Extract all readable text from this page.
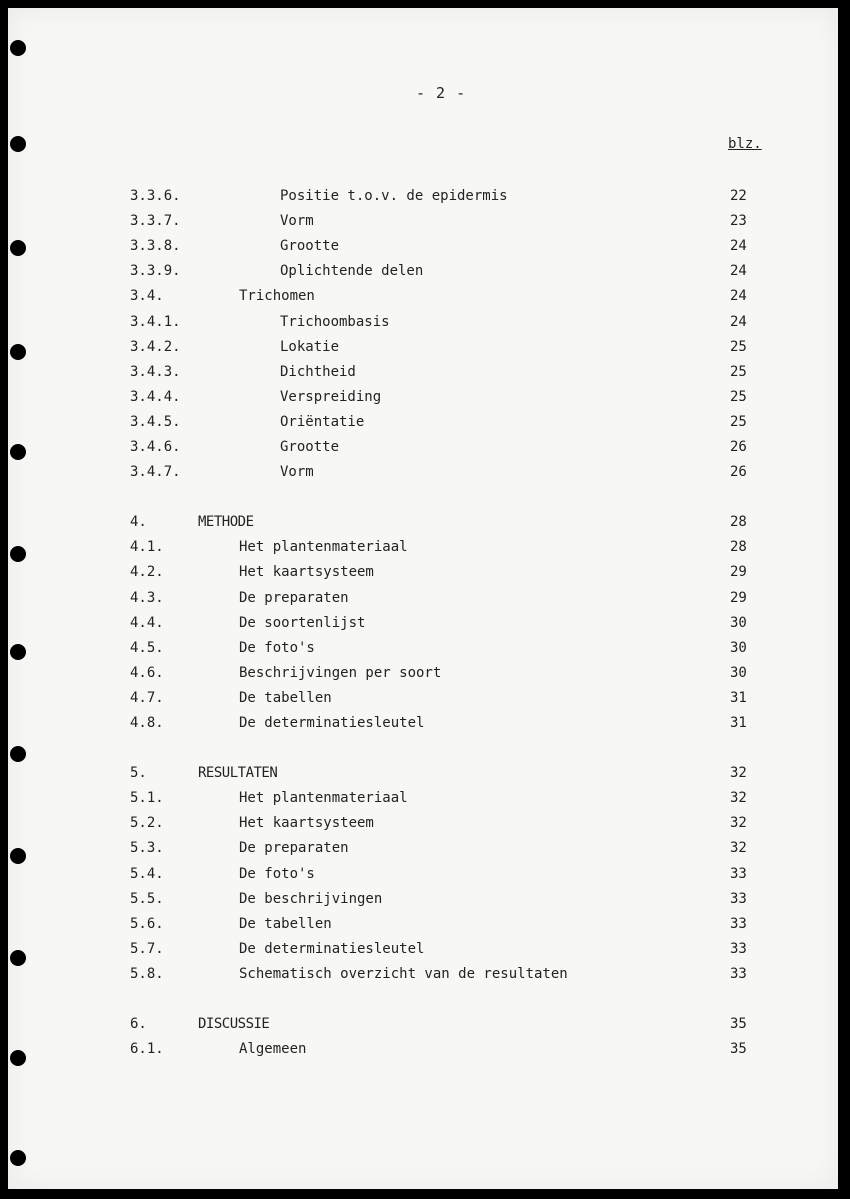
- 2 -
blz.
3.3.6.	Positie t.o.v. de epidermis	22
3.3.7.	Vorm	23
3.3.8.	Grootte	24
3.3.9.	Oplichtende delen	24
3.4.	Trichomen	24
3.4.1.	Trichoombasis	24
3.4.2.	Lokatie	25
3.4.3.	Dichtheid	25
3.4.4.	Verspreiding	25
3.4.5.	Oriëntatie	25
3.4.6.	Grootte	26
3.4.7.	Vorm	26
4.	METHODE	28
4.1.	Het plantenmateriaal	28
4.2.	Het kaartsysteem	29
4.3.	De preparaten	29
4.4.	De soortenlijst	30
4.5.	De foto's	30
4.6.	Beschrijvingen per soort	30
4.7.	De tabellen	31
4.8.	De determinatiesleutel	31
5.	RESULTATEN	32
5.1.	Het plantenmateriaal	32
5.2.	Het kaartsysteem	32
5.3.	De preparaten	32
5.4.	De foto's	33
5.5.	De beschrijvingen	33
5.6.	De tabellen	33
5.7.	De determinatiesleutel	33
5.8.	Schematisch overzicht van de resultaten	33
6.	DISCUSSIE	35
6.1.	Algemeen	35
